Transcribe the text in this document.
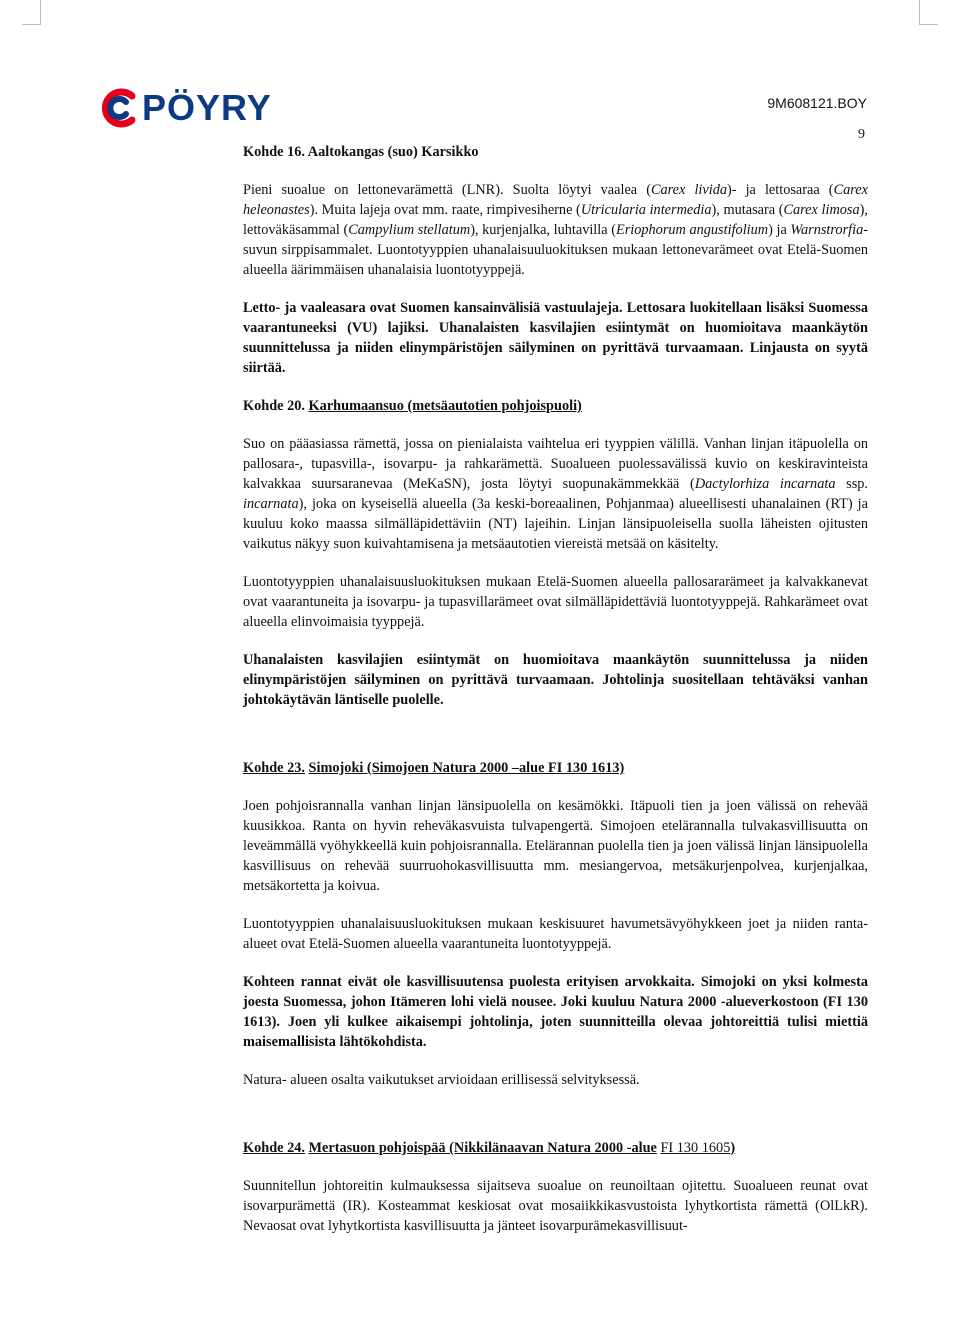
PÖYRY	9M608121.BOY
9
Kohde 16. Aaltokangas (suo) Karsikko

Pieni suoalue on lettonevarämettä (LNR). Suolta löytyi vaalea (Carex livida)- ja lettosaraa (Carex heleonastes). Muita lajeja ovat mm. raate, rimpivesiherne (Utricularia intermedia), mutasara (Carex limosa), lettoväkäsammal (Campylium stellatum), kurjenjalka, luhtavilla (Eriophorum angustifolium) ja Warnstrorfia-suvun sirppisammalet. Luontotyyppien uhanalaisuuluokituksen mukaan lettonevarämeet ovat Etelä-Suomen alueella äärimmäisen uhanalaisia luontotyyppejä.

Letto- ja vaaleasara ovat Suomen kansainvälisiä vastuulajeja. Lettosara luokitellaan lisäksi Suomessa vaarantuneeksi (VU) lajiksi. Uhanalaisten kasvilajien esiintymät on huomioitava maankäytön suunnittelussa ja niiden elinympäristöjen säilyminen on pyrittävä turvaamaan. Linjausta on syytä siirtää.

Kohde 20. Karhumaansuo (metsäautotien pohjoispuoli)

Suo on pääasiassa rämettä, jossa on pienialaista vaihtelua eri tyyppien välillä. Vanhan linjan itäpuolella on pallosara-, tupasvilla-, isovarpu- ja rahkarämettä. Suoalueen puolessavälissä kuvio on keskiravinteista kalvakkaa suursaranevaa (MeKaSN), josta löytyi suopunakämmekkää (Dactylorhiza incarnata ssp. incarnata), joka on kyseisellä alueella (3a keski-boreaalinen, Pohjanmaa) alueellisesti uhanalainen (RT) ja kuuluu koko maassa silmälläpidettäviin (NT) lajeihin. Linjan länsipuoleisella suolla läheisten ojitusten vaikutus näkyy suon kuivahtamisena ja metsäautotien viereistä metsää on käsitelty.

Luontotyyppien uhanalaisuusluokituksen mukaan Etelä-Suomen alueella pallosararämeet ja kalvakkanevat ovat vaarantuneita ja isovarpu- ja tupasvillarämeet ovat silmälläpidettäviä luontotyyppejä. Rahkarämeet ovat alueella elinvoimaisia tyyppejä.

Uhanalaisten kasvilajien esiintymät on huomioitava maankäytön suunnittelussa ja niiden elinympäristöjen säilyminen on pyrittävä turvaamaan. Johtolinja suositellaan tehtäväksi vanhan johtokäytävän läntiselle puolelle.

Kohde 23. Simojoki (Simojoen Natura 2000 –alue FI 130 1613)

Joen pohjoisrannalla vanhan linjan länsipuolella on kesämökki. Itäpuoli tien ja joen välissä on rehevää kuusikkoa. Ranta on hyvin reheväkasvuista tulvapengertä. Simojoen etelärannalla tulvakasvillisuutta on leveämmällä vyöhykkeellä kuin pohjoisrannalla. Etelärannan puolella tien ja joen välissä linjan länsipuolella kasvillisuus on rehevää suurruohokasvillisuutta mm. mesiangervoa, metsäkurjenpolvea, kurjenjalkaa, metsäkortetta ja koivua.

Luontotyyppien uhanalaisuusluokituksen mukaan keskisuuret havumetsävyöhykkeen joet ja niiden ranta-alueet ovat Etelä-Suomen alueella vaarantuneita luontotyyppejä.

Kohteen rannat eivät ole kasvillisuutensa puolesta erityisen arvokkaita. Simojoki on yksi kolmesta joesta Suomessa, johon Itämeren lohi vielä nousee. Joki kuuluu Natura 2000 -alueverkostoon (FI 130 1613). Joen yli kulkee aikaisempi johtolinja, joten suunnitteilla olevaa johtoreittiä tulisi miettiä maisemallisista lähtökohdista.

Natura- alueen osalta vaikutukset arvioidaan erillisessä selvityksessä.

Kohde 24. Mertasuon pohjoispää (Nikkilänaavan Natura 2000 -alue FI 130 1605)

Suunnitellun johtoreitin kulmauksessa sijaitseva suoalue on reunoiltaan ojitettu. Suoalueen reunat ovat isovarpurämettä (IR). Kosteammat keskiosat ovat mosaiikkikasvustoista lyhytkortista rämettä (OlLkR). Nevaosat ovat lyhytkortista kasvillisuutta ja jänteet isovarpurämekasvillisuut-
